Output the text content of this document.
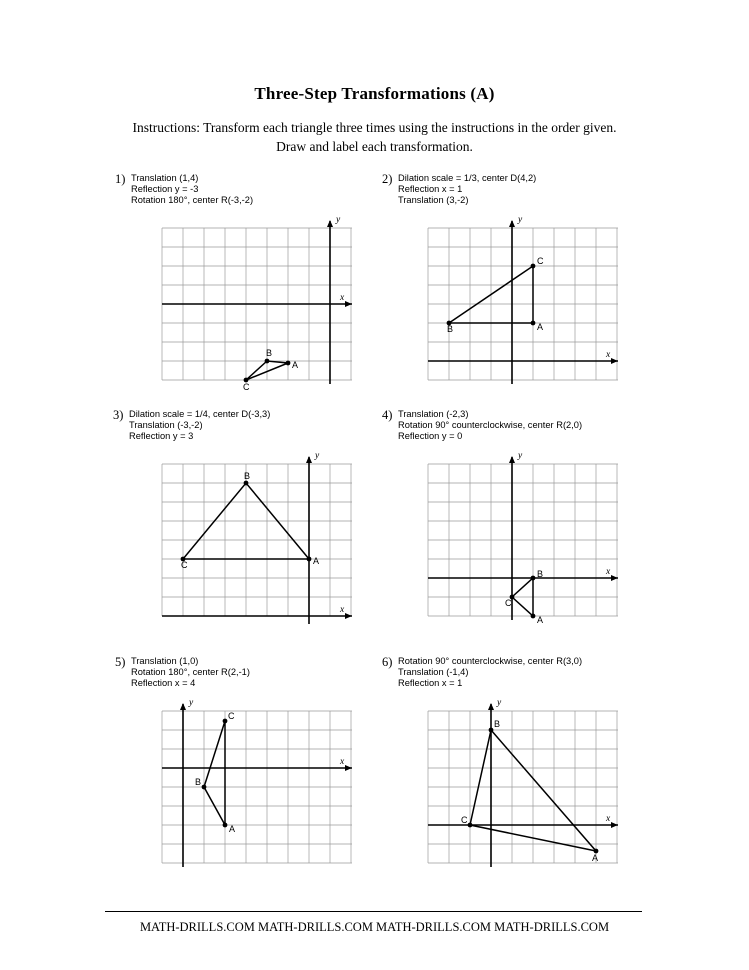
Three-Step Transformations (A)
Instructions: Transform each triangle three times using the instructions in the order given.
Draw and label each transformation.
1) Translation (1,4)
Reflection y = -3
Rotation 180°, center R(-3,-2)
y
x
A
B
C
2) Dilation scale = 1/3, center D(4,2)
Reflection x = 1
Translation (3,-2)
y
x
A
B
C
3) Dilation scale = 1/4, center D(-3,3)
Translation (-3,-2)
Reflection y = 3
y
x
A
B
C
4) Translation (-2,3)
Rotation 90° counterclockwise, center R(2,0)
Reflection y = 0
y
x
A
B
C
5) Translation (1,0)
Rotation 180°, center R(2,-1)
Reflection x = 4
y
x
A
B
C
6) Rotation 90° counterclockwise, center R(3,0)
Translation (-1,4)
Reflection x = 1
y
x
A
B
C
MATH-DRILLS.COM MATH-DRILLS.COM MATH-DRILLS.COM MATH-DRILLS.COM
